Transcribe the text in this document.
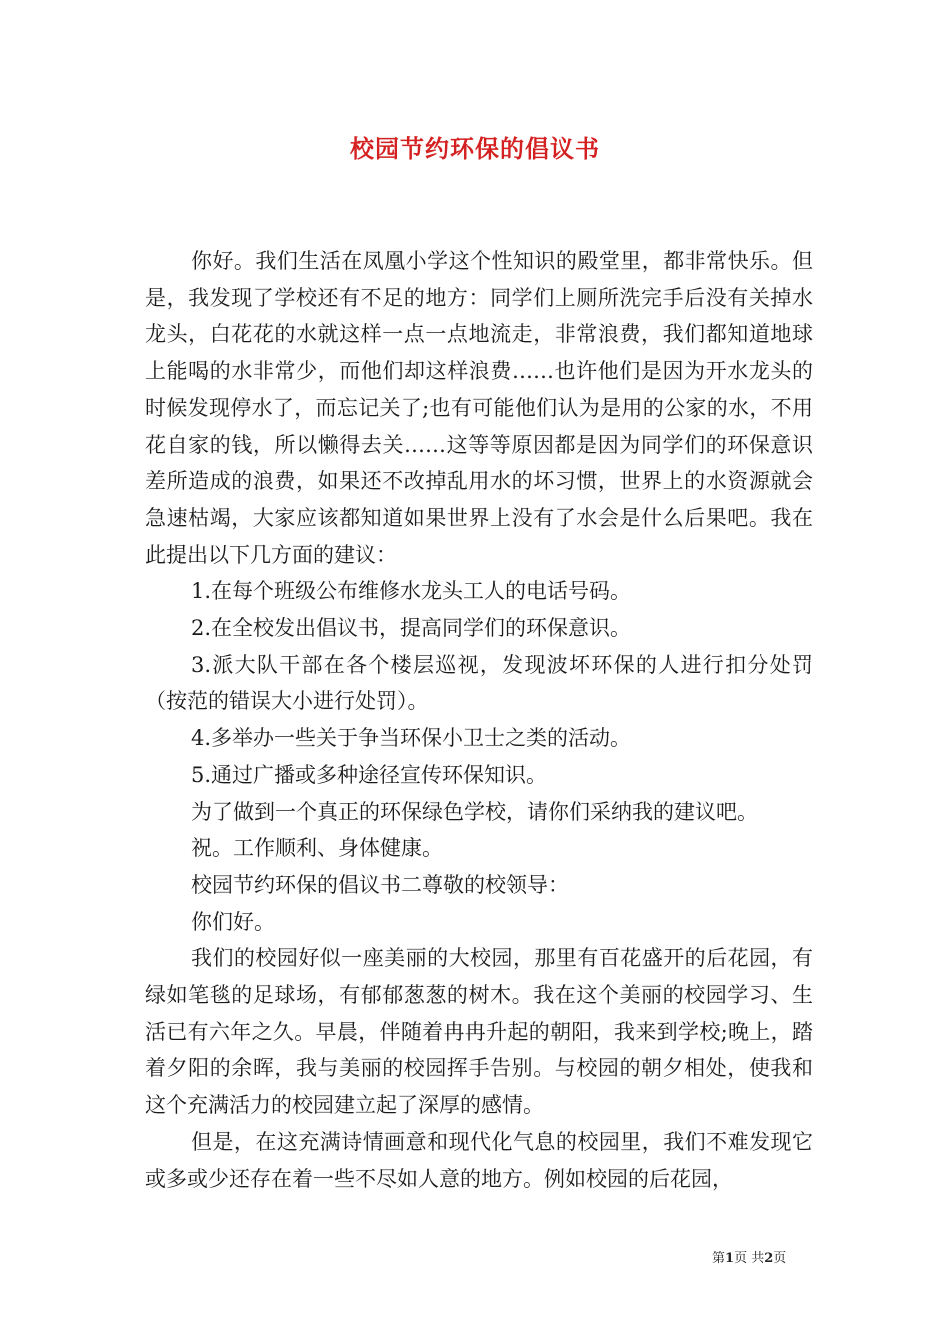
校园节约环保的倡议书

你好。我们生活在凤凰小学这个性知识的殿堂里，都非常快乐。但是，我发现了学校还有不足的地方：同学们上厕所洗完手后没有关掉水龙头，白花花的水就这样一点一点地流走，非常浪费，我们都知道地球上能喝的水非常少，而他们却这样浪费……也许他们是因为开水龙头的时候发现停水了，而忘记关了;也有可能他们认为是用的公家的水，不用花自家的钱，所以懒得去关……这等等原因都是因为同学们的环保意识差所造成的浪费，如果还不改掉乱用水的坏习惯，世界上的水资源就会急速枯竭，大家应该都知道如果世界上没有了水会是什么后果吧。我在此提出以下几方面的建议：

1.在每个班级公布维修水龙头工人的电话号码。

2.在全校发出倡议书，提高同学们的环保意识。

3.派大队干部在各个楼层巡视，发现波坏环保的人进行扣分处罚（按范的错误大小进行处罚）。

4.多举办一些关于争当环保小卫士之类的活动。

5.通过广播或多种途径宣传环保知识。

为了做到一个真正的环保绿色学校，请你们采纳我的建议吧。

祝。工作顺利、身体健康。

校园节约环保的倡议书二尊敬的校领导：

你们好。

我们的校园好似一座美丽的大校园，那里有百花盛开的后花园，有绿如笔毯的足球场，有郁郁葱葱的树木。我在这个美丽的校园学习、生活已有六年之久。早晨，伴随着冉冉升起的朝阳，我来到学校;晚上，踏着夕阳的余晖，我与美丽的校园挥手告别。与校园的朝夕相处，使我和这个充满活力的校园建立起了深厚的感情。

但是，在这充满诗情画意和现代化气息的校园里，我们不难发现它或多或少还存在着一些不尽如人意的地方。例如校园的后花园，

第1页 共2页
